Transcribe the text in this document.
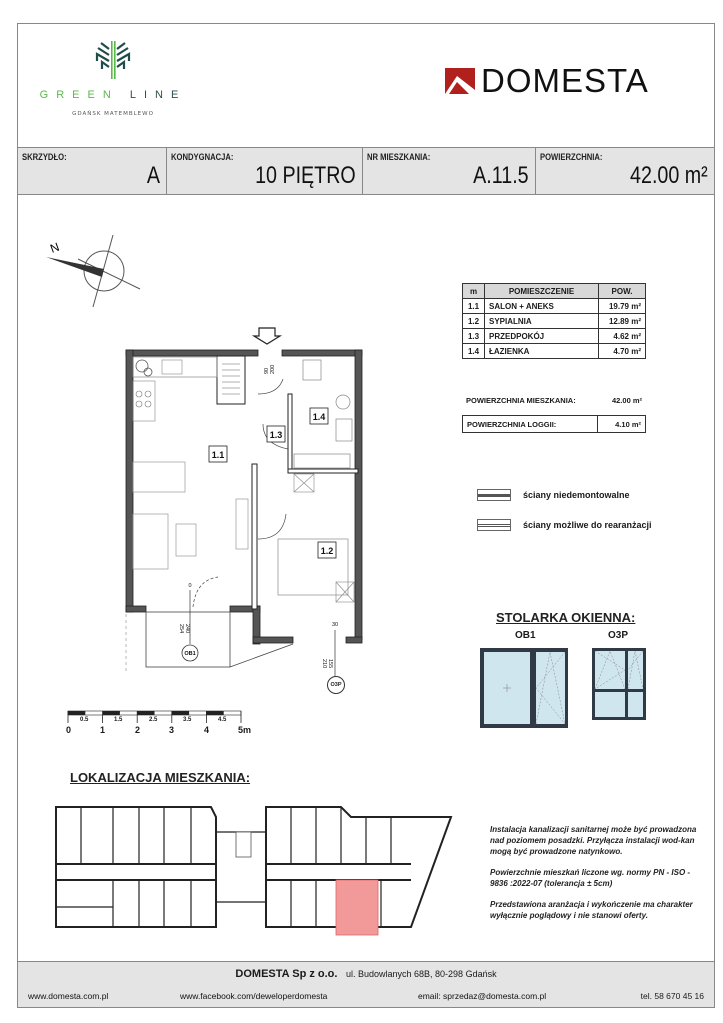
GREEN LINE
GDAŃSK MATEMBLEWO
DOMESTA
SKRZYDŁO:
A
KONDYGNACJA:
10 PIĘTRO
NR MIESZKANIA:
A.11.5
POWIERZCHNIA:
42.00 m²
N
1.1
1.2
1.3
1.4
0
254 240
OB1
30
155
210
90 200
O3P
m	POMIESZCZENIE	POW.
1.1	SALON + ANEKS	19.79 m²
1.2	SYPIALNIA	12.89 m²
1.3	PRZEDPOKÓJ	4.62 m²
1.4	ŁAZIENKA	4.70 m²
POWIERZCHNIA MIESZKANIA:	42.00 m²
POWIERZCHNIA LOGGII:	4.10 m²
ściany niedemontowalne
ściany możliwe do rearanżacji
STOLARKA OKIENNA:
OB1	O3P
0	1	2	3	4	5m
0.5	1.5	2.5	3.5	4.5
LOKALIZACJA MIESZKANIA:

Instalacja kanalizacji sanitarnej może być prowadzona nad poziomem posadzki. Przyłącza instalacji wod-kan mogą być prowadzone natynkowo.

Powierzchnie mieszkań liczone wg. normy PN - ISO - 9836 :2022-07 (tolerancja ± 5cm)

Przedstawiona aranżacja i wykończenie ma charakter wyłącznie poglądowy i nie stanowi oferty.

DOMESTA Sp z o.o. ul. Budowlanych 68B, 80-298 Gdańsk
www.domesta.com.pl	www.facebook.com/deweloperdomesta	email: sprzedaz@domesta.com.pl	tel. 58 670 45 16
otodom
